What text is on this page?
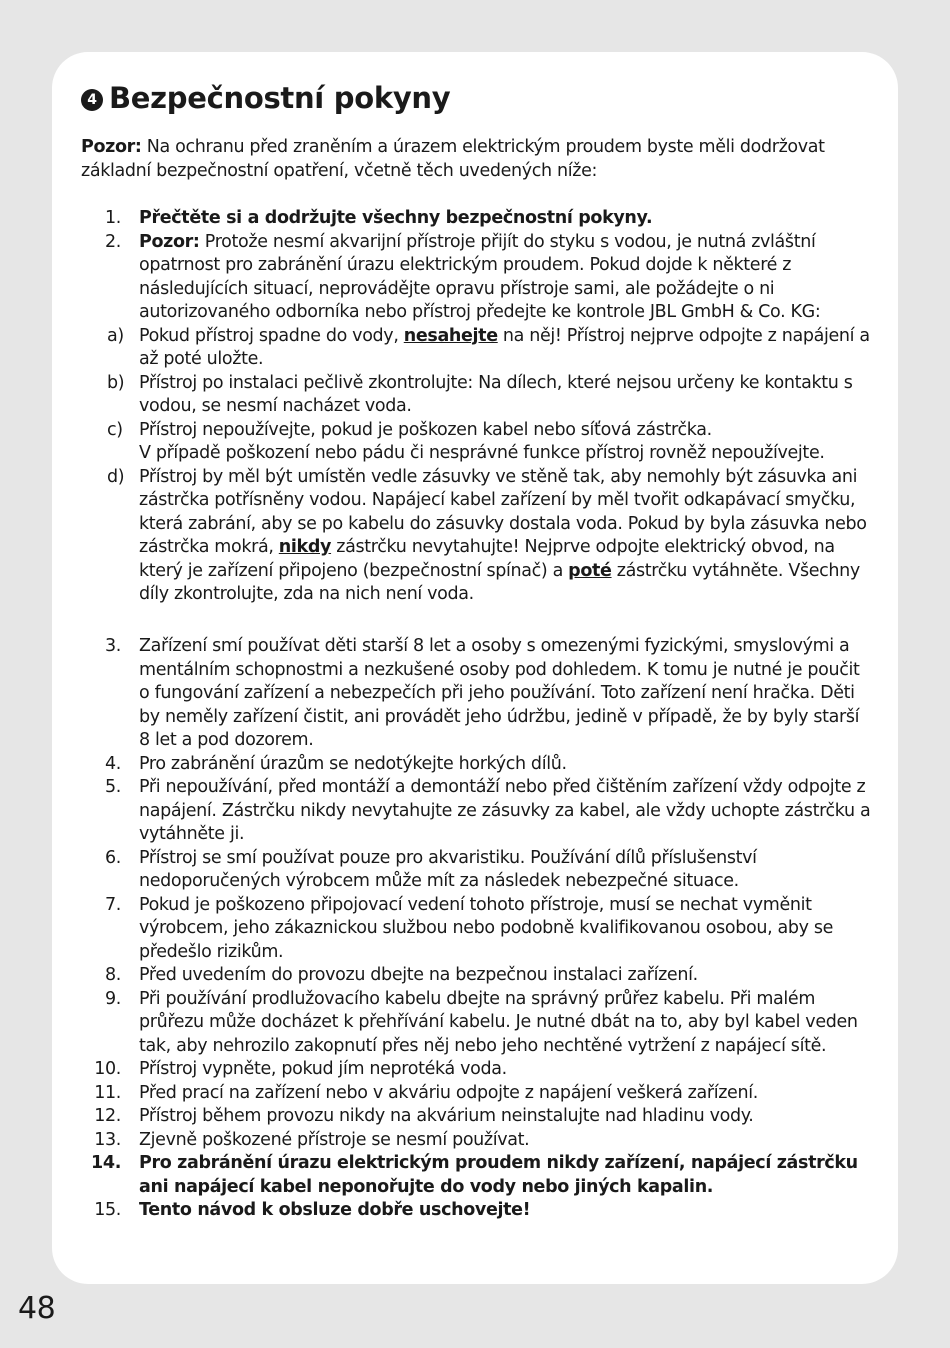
4 Bezpečnostní pokyny

Pozor: Na ochranu před zraněním a úrazem elektrickým proudem byste měli dodržovat základní bezpečnostní opatření, včetně těch uvedených níže:

1. Přečtěte si a dodržujte všechny bezpečnostní pokyny.
2. Pozor: Protože nesmí akvarijní přístroje přijít do styku s vodou, je nutná zvláštní opatrnost pro zabránění úrazu elektrickým proudem. Pokud dojde k některé z následujících situací, neprovádějte opravu přístroje sami, ale požádejte o ni autorizovaného odborníka nebo přístroj předejte ke kontrole JBL GmbH & Co. KG:
a) Pokud přístroj spadne do vody, nesahejte na něj! Přístroj nejprve odpojte z napájení a až poté uložte.
b) Přístroj po instalaci pečlivě zkontrolujte: Na dílech, které nejsou určeny ke kontaktu s vodou, se nesmí nacházet voda.
c) Přístroj nepoužívejte, pokud je poškozen kabel nebo síťová zástrčka.
V případě poškození nebo pádu či nesprávné funkce přístroj rovněž nepoužívejte.
d) Přístroj by měl být umístěn vedle zásuvky ve stěně tak, aby nemohly být zásuvka ani zástrčka potřísněny vodou. Napájecí kabel zařízení by měl tvořit odkapávací smyčku, která zabrání, aby se po kabelu do zásuvky dostala voda. Pokud by byla zásuvka nebo zástrčka mokrá, nikdy zástrčku nevytahujte! Nejprve odpojte elektrický obvod, na který je zařízení připojeno (bezpečnostní spínač) a poté zástrčku vytáhněte. Všechny díly zkontrolujte, zda na nich není voda.
3. Zařízení smí používat děti starší 8 let a osoby s omezenými fyzickými, smyslovými a mentálním schopnostmi a nezkušené osoby pod dohledem. K tomu je nutné je poučit o fungování zařízení a nebezpečích při jeho používání. Toto zařízení není hračka. Děti by neměly zařízení čistit, ani provádět jeho údržbu, jedině v případě, že by byly starší 8 let a pod dozorem.
4. Pro zabránění úrazům se nedotýkejte horkých dílů.
5. Při nepoužívání, před montáží a demontáží nebo před čištěním zařízení vždy odpojte z napájení. Zástrčku nikdy nevytahujte ze zásuvky za kabel, ale vždy uchopte zástrčku a vytáhněte ji.
6. Přístroj se smí používat pouze pro akvaristiku. Používání dílů příslušenství nedoporučených výrobcem může mít za následek nebezpečné situace.
7. Pokud je poškozeno připojovací vedení tohoto přístroje, musí se nechat vyměnit výrobcem, jeho zákaznickou službou nebo podobně kvalifikovanou osobou, aby se předešlo rizikům.
8. Před uvedením do provozu dbejte na bezpečnou instalaci zařízení.
9. Při používání prodlužovacího kabelu dbejte na správný průřez kabelu. Při malém průřezu může docházet k přehřívání kabelu. Je nutné dbát na to, aby byl kabel veden tak, aby nehrozilo zakopnutí přes něj nebo jeho nechtěné vytržení z napájecí sítě.
10. Přístroj vypněte, pokud jím neprotéká voda.
11. Před prací na zařízení nebo v akváriu odpojte z napájení veškerá zařízení.
12. Přístroj během provozu nikdy na akvárium neinstalujte nad hladinu vody.
13. Zjevně poškozené přístroje se nesmí používat.
14. Pro zabránění úrazu elektrickým proudem nikdy zařízení, napájecí zástrčku ani napájecí kabel neponořujte do vody nebo jiných kapalin.
15. Tento návod k obsluze dobře uschovejte!
48
